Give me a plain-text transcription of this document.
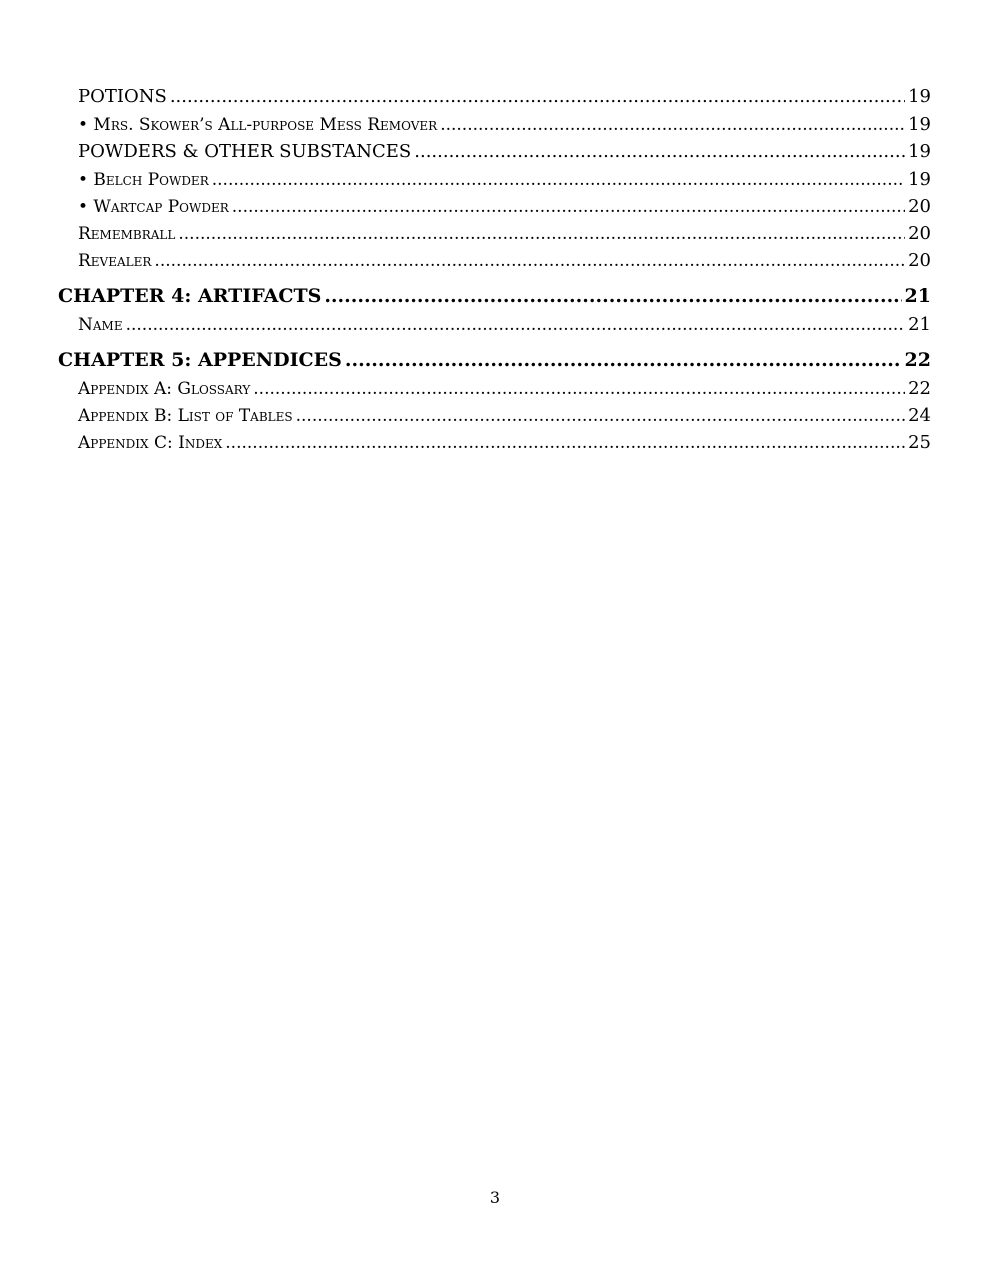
POTIONS .....	19
• Mrs. Skower’s All-purpose Mess Remover .....	19
POWDERS & OTHER SUBSTANCES .....	19
• Belch Powder .....	19
• Wartcap Powder .....	20
Remembrall .....	20
Revealer .....	20
CHAPTER 4: ARTIFACTS .....	21
Name .....	21
CHAPTER 5: APPENDICES .....	22
Appendix A: Glossary .....	22
Appendix B: List of Tables .....	24
Appendix C: Index .....	25
3
